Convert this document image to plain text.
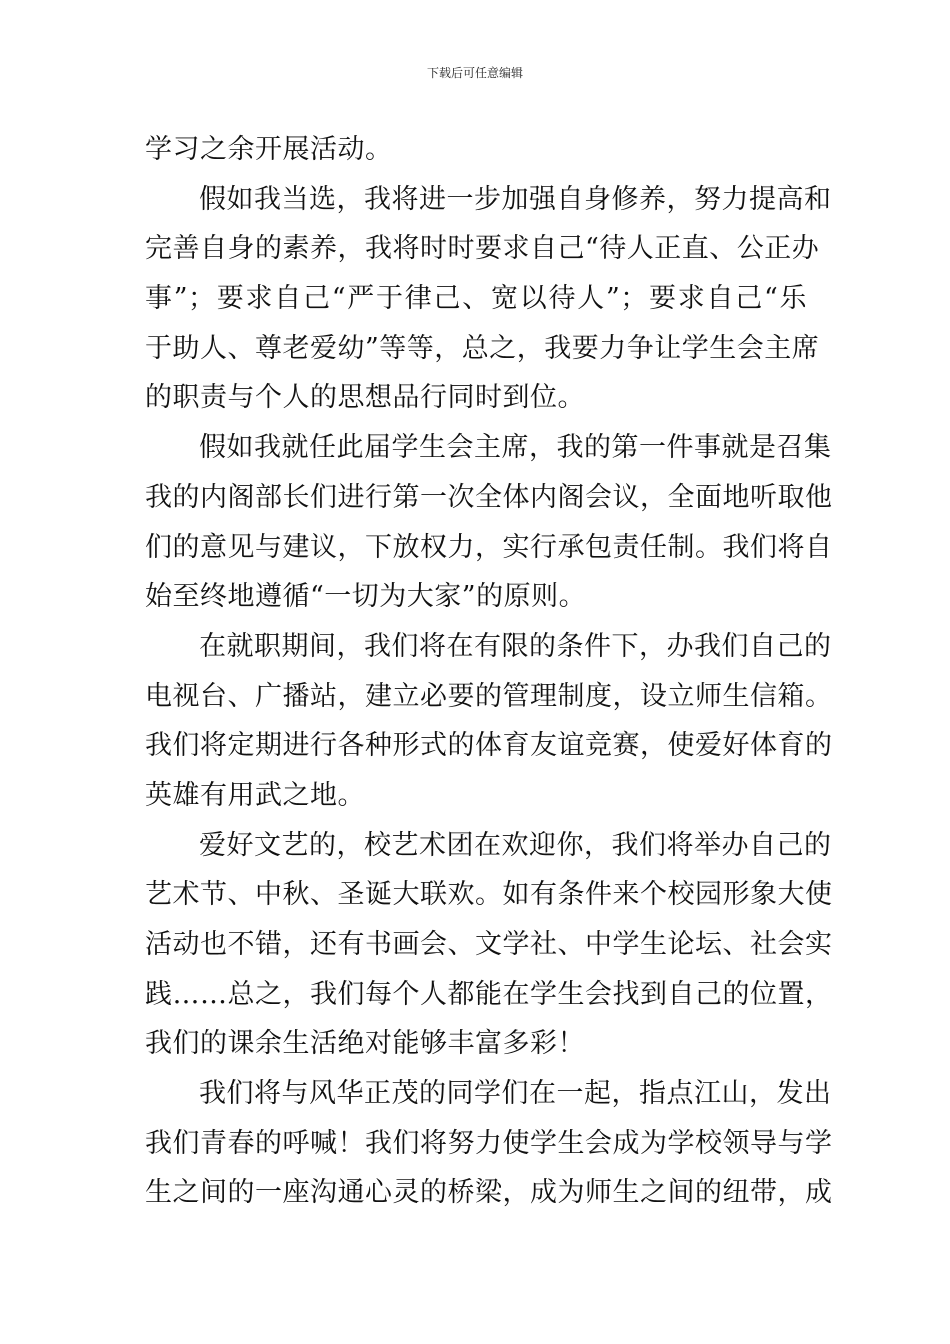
下载后可任意编辑
学习之余开展活动。
假如我当选，我将进一步加强自身修养，努力提高和
完善自身的素养，我将时时要求自己“待人正直、公正办
事”；要求自己“严于律己、宽以待人”；要求自己“乐
于助人、尊老爱幼”等等，总之，我要力争让学生会主席
的职责与个人的思想品行同时到位。
假如我就任此届学生会主席，我的第一件事就是召集
我的内阁部长们进行第一次全体内阁会议，全面地听取他
们的意见与建议，下放权力，实行承包责任制。我们将自
始至终地遵循“一切为大家”的原则。
在就职期间，我们将在有限的条件下，办我们自己的
电视台、广播站，建立必要的管理制度，设立师生信箱。
我们将定期进行各种形式的体育友谊竞赛，使爱好体育的
英雄有用武之地。
爱好文艺的，校艺术团在欢迎你，我们将举办自己的
艺术节、中秋、圣诞大联欢。如有条件来个校园形象大使
活动也不错，还有书画会、文学社、中学生论坛、社会实
践……总之，我们每个人都能在学生会找到自己的位置，
我们的课余生活绝对能够丰富多彩！
我们将与风华正茂的同学们在一起，指点江山，发出
我们青春的呼喊！我们将努力使学生会成为学校领导与学
生之间的一座沟通心灵的桥梁，成为师生之间的纽带，成
